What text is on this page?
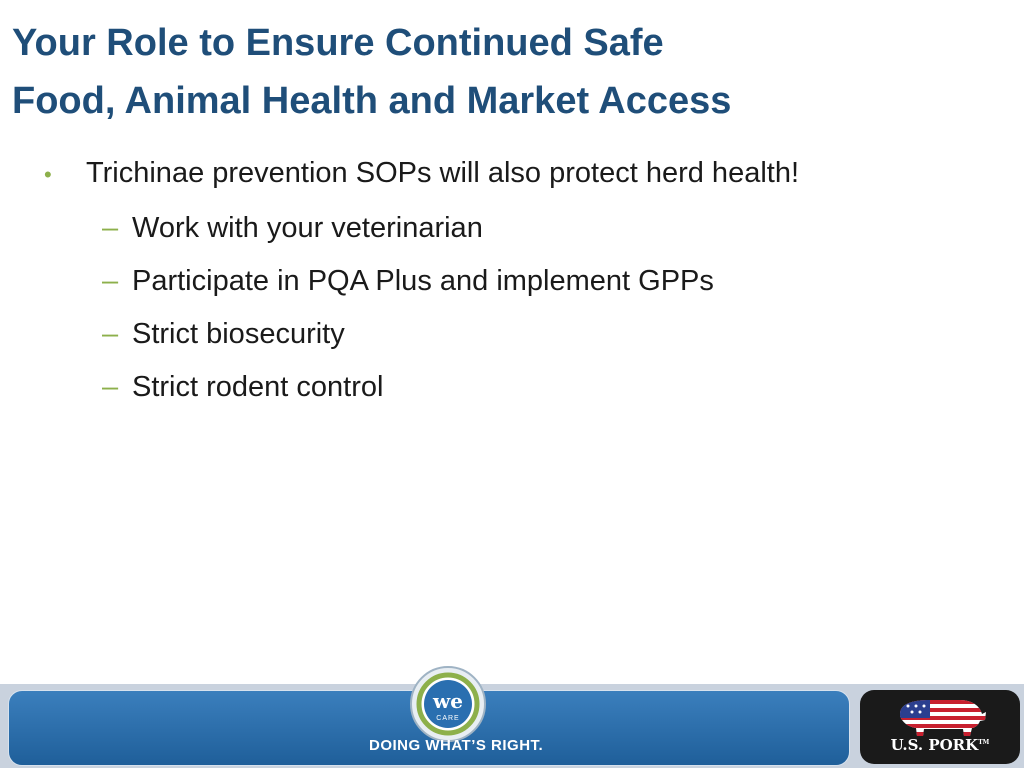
Your Role to Ensure Continued Safe
Food, Animal Health and Market Access
•	Trichinae prevention SOPs will also protect herd health!
– Work with your veterinarian
– Participate in PQA Plus and implement GPPs
– Strict biosecurity
– Strict rodent control
we
CARE
DOING WHAT’S RIGHT.	U.S. PORK™
